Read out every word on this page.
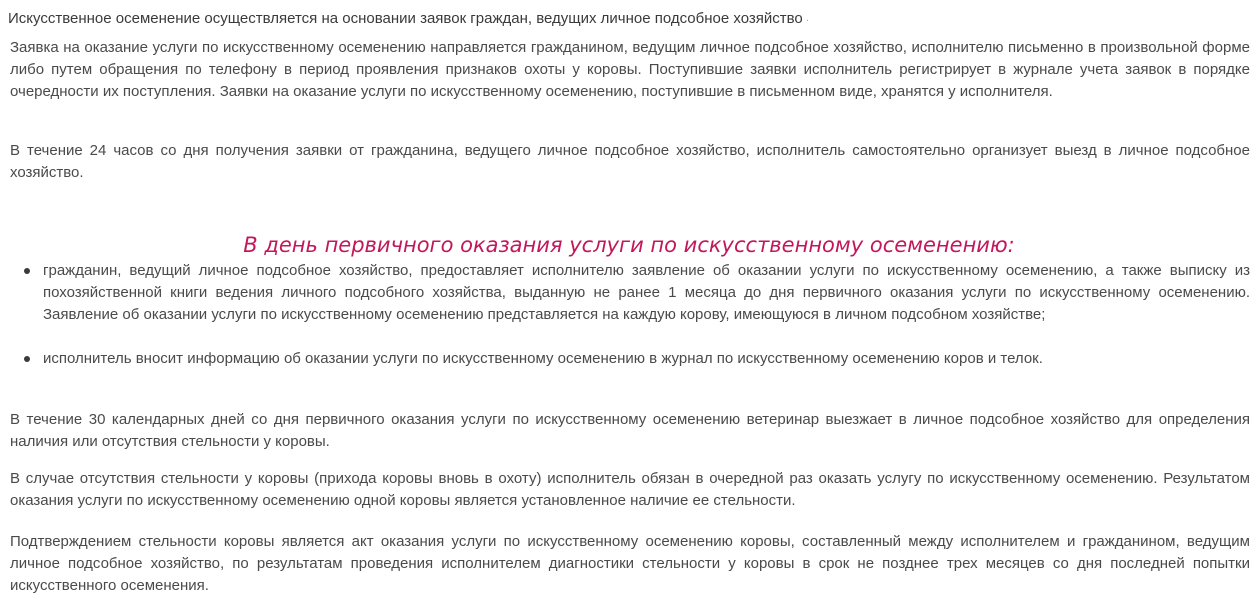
Искусственное осеменение осуществляется на основании заявок граждан, ведущих личное подсобное хозяйство ·

Заявка на оказание услуги по искусственному осеменению направляется гражданином, ведущим личное подсобное хозяйство, исполнителю письменно в произвольной форме либо путем обращения по телефону в период проявления признаков охоты у коровы. Поступившие заявки исполнитель регистрирует в журнале учета заявок в порядке очередности их поступления. Заявки на оказание услуги по искусственному осеменению, поступившие в письменном виде, хранятся у исполнителя.

В течение 24 часов со дня получения заявки от гражданина, ведущего личное подсобное хозяйство, исполнитель самостоятельно организует выезд в личное подсобное хозяйство.

В день первичного оказания услуги по искусственному осеменению:
гражданин, ведущий личное подсобное хозяйство, предоставляет исполнителю заявление об оказании услуги по искусственному осеменению, а также выписку из похозяйственной книги ведения личного подсобного хозяйства, выданную не ранее 1 месяца до дня первичного оказания услуги по искусственному осеменению. Заявление об оказании услуги по искусственному осеменению представляется на каждую корову, имеющуюся в личном подсобном хозяйстве;
исполнитель вносит информацию об оказании услуги по искусственному осеменению в журнал по искусственному осеменению коров и телок.

В течение 30 календарных дней со дня первичного оказания услуги по искусственному осеменению ветеринар выезжает в личное подсобное хозяйство для определения наличия или отсутствия стельности у коровы.

В случае отсутствия стельности у коровы (прихода коровы вновь в охоту) исполнитель обязан в очередной раз оказать услугу по искусственному осеменению. Результатом оказания услуги по искусственному осеменению одной коровы является установленное наличие ее стельности.

Подтверждением стельности коровы является акт оказания услуги по искусственному осеменению коровы, составленный между исполнителем и гражданином, ведущим личное подсобное хозяйство, по результатам проведения исполнителем диагностики стельности у коровы в срок не позднее трех месяцев со дня последней попытки искусственного осеменения.
